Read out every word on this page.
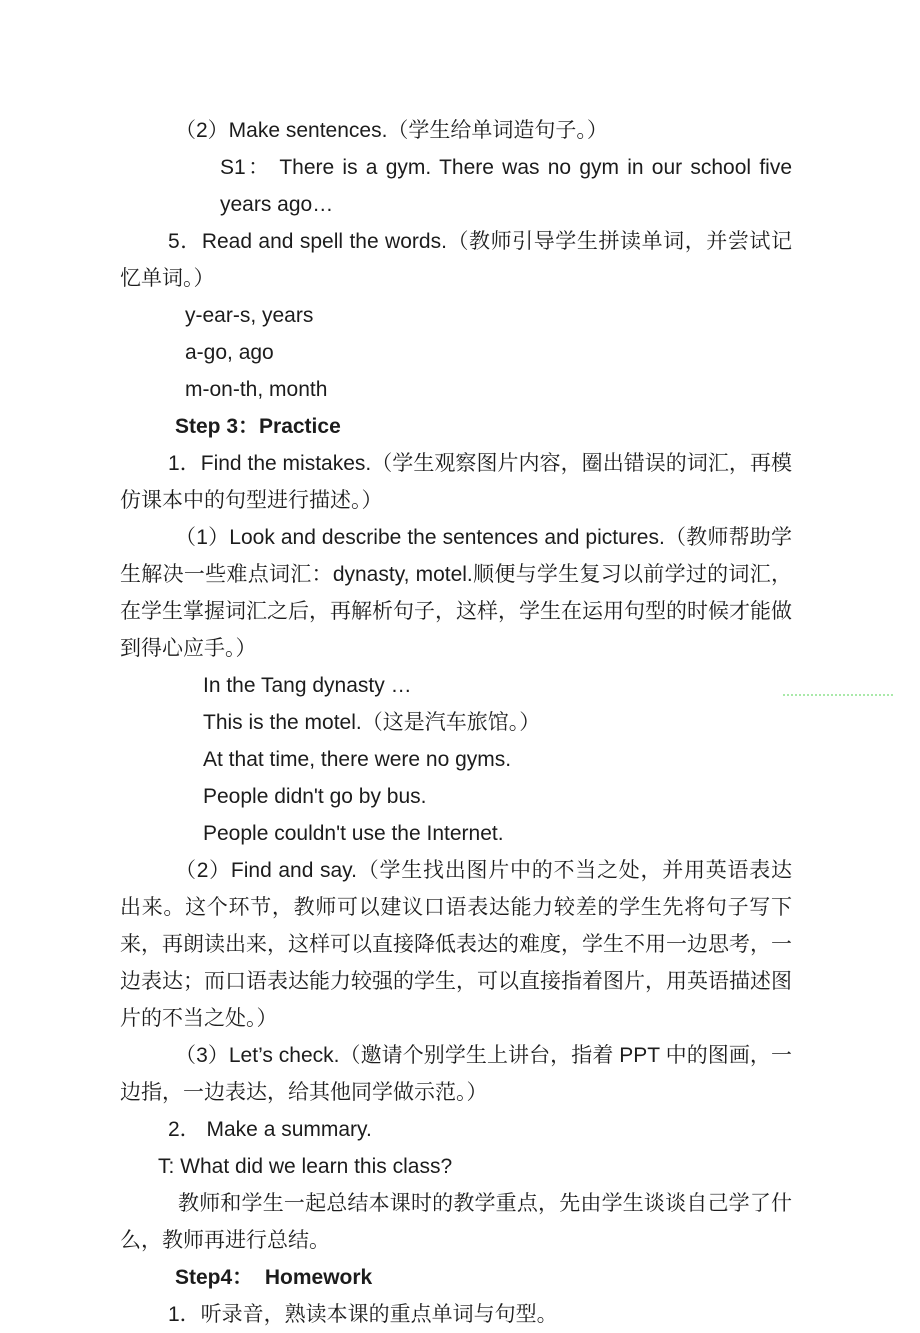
（2）Make sentences.（学生给单词造句子。）

S1： There is a gym. There was no gym in our school five years ago…

5．Read and spell the words.（教师引导学生拼读单词，并尝试记忆单词。）

y-ear-s, years

a-go, ago

m-on-th, month

Step 3：Practice

1．Find the mistakes.（学生观察图片内容，圈出错误的词汇，再模仿课本中的句型进行描述。）

（1）Look and describe the sentences and pictures.（教师帮助学生解决一些难点词汇：dynasty, motel.顺便与学生复习以前学过的词汇，在学生掌握词汇之后，再解析句子，这样，学生在运用句型的时候才能做到得心应手。）

In the Tang dynasty …

This is the motel.（这是汽车旅馆。）

At that time, there were no gyms.

People didn't go by bus.

People couldn't use the Internet.

（2）Find and say.（学生找出图片中的不当之处，并用英语表达出来。这个环节，教师可以建议口语表达能力较差的学生先将句子写下来，再朗读出来，这样可以直接降低表达的难度，学生不用一边思考，一边表达；而口语表达能力较强的学生，可以直接指着图片，用英语描述图片的不当之处。）

（3）Let’s check.（邀请个别学生上讲台，指着 PPT 中的图画，一边指，一边表达，给其他同学做示范。）

2． Make a summary.

T: What did we learn this class?

教师和学生一起总结本课时的教学重点，先由学生谈谈自己学了什么，教师再进行总结。

Step4：  Homework

1．听录音，熟读本课的重点单词与句型。
